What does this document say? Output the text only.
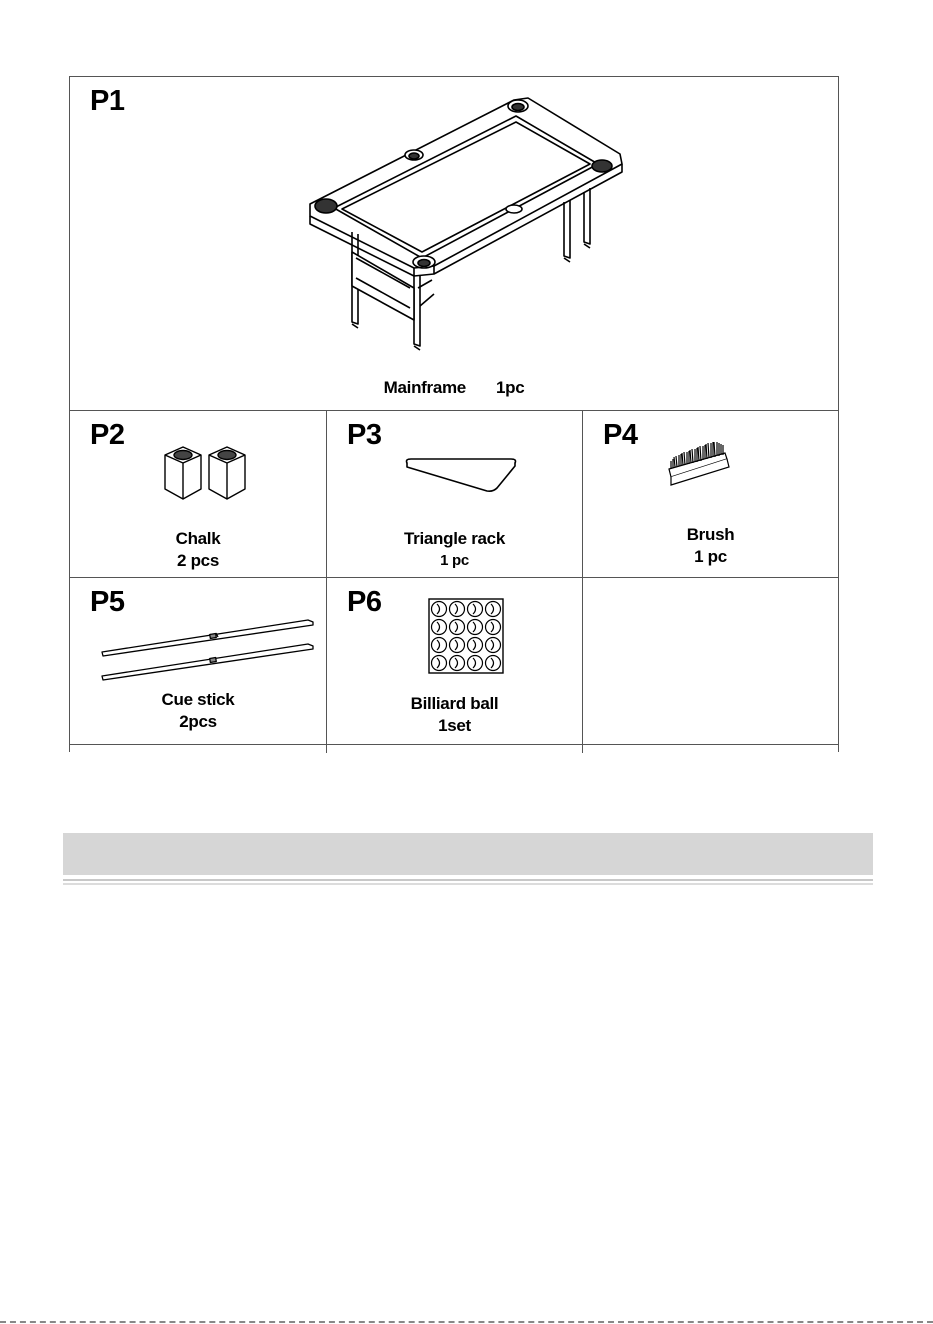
P1
Mainframe 1pc
P2
Chalk
2 pcs
P3
Triangle rack
1 pc
P4
Brush
1 pc
P5
Cue stick
2pcs
P6
Billiard ball
1set
